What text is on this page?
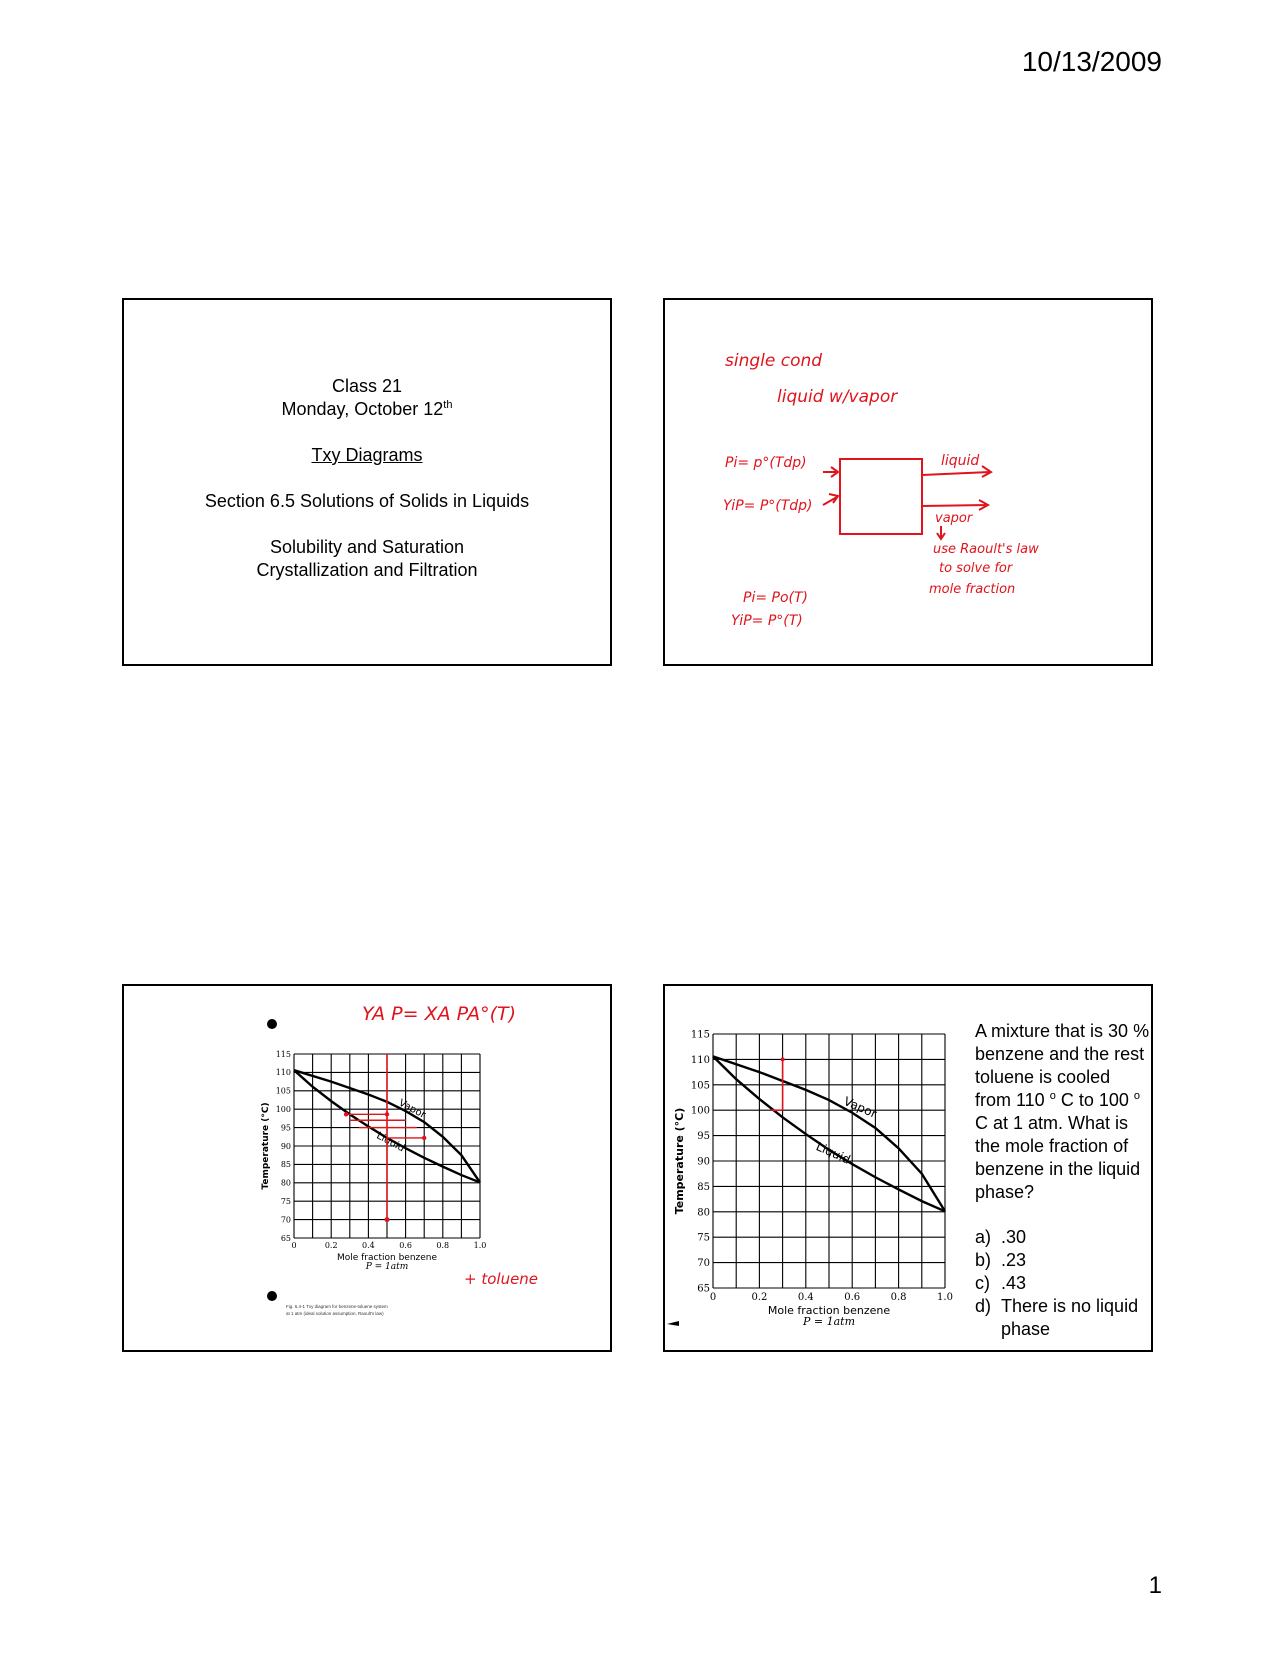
10/13/2009
Class 21
Monday, October 12th
Txy Diagrams
Section 6.5 Solutions of Solids in Liquids
Solubility and Saturation
Crystallization and Filtration
single cond
liquid w/vapor
Pi= p°(Tdp)
YiP= P°(Tdp)
liquid
vapor
use Raoult's law
to solve for
mole fraction
Pi= Po(T)
YiP= P°(T)
YA P= XA PA°(T)
+ toluene
Fig. 6.4-1 Txy diagram for benzene-toluene system
at 1 atm (ideal solution assumption, Raoult's law)
65
70
75
80
85
90
95
100
105
110
115
0	0.2	0.4	0.6	0.8	1.0
Mole fraction benzene
P = 1atm
Temperature (°C)	Vapor
Liquid
65
70
75
80
85
90
95
100
105
110
115
0	0.2	0.4	0.6	0.8	1.0
Mole fraction benzene
P = 1atm
Temperature (°C)
Vapor
Liquid
A mixture that is 30 % benzene and the rest toluene is cooled from 110 $^o$ C to 100 $^o$ C at 1 atm. What is the mole fraction of benzene in the liquid phase?
a) .30
b) .23
c) .43
d) There is no liquid phase
1
